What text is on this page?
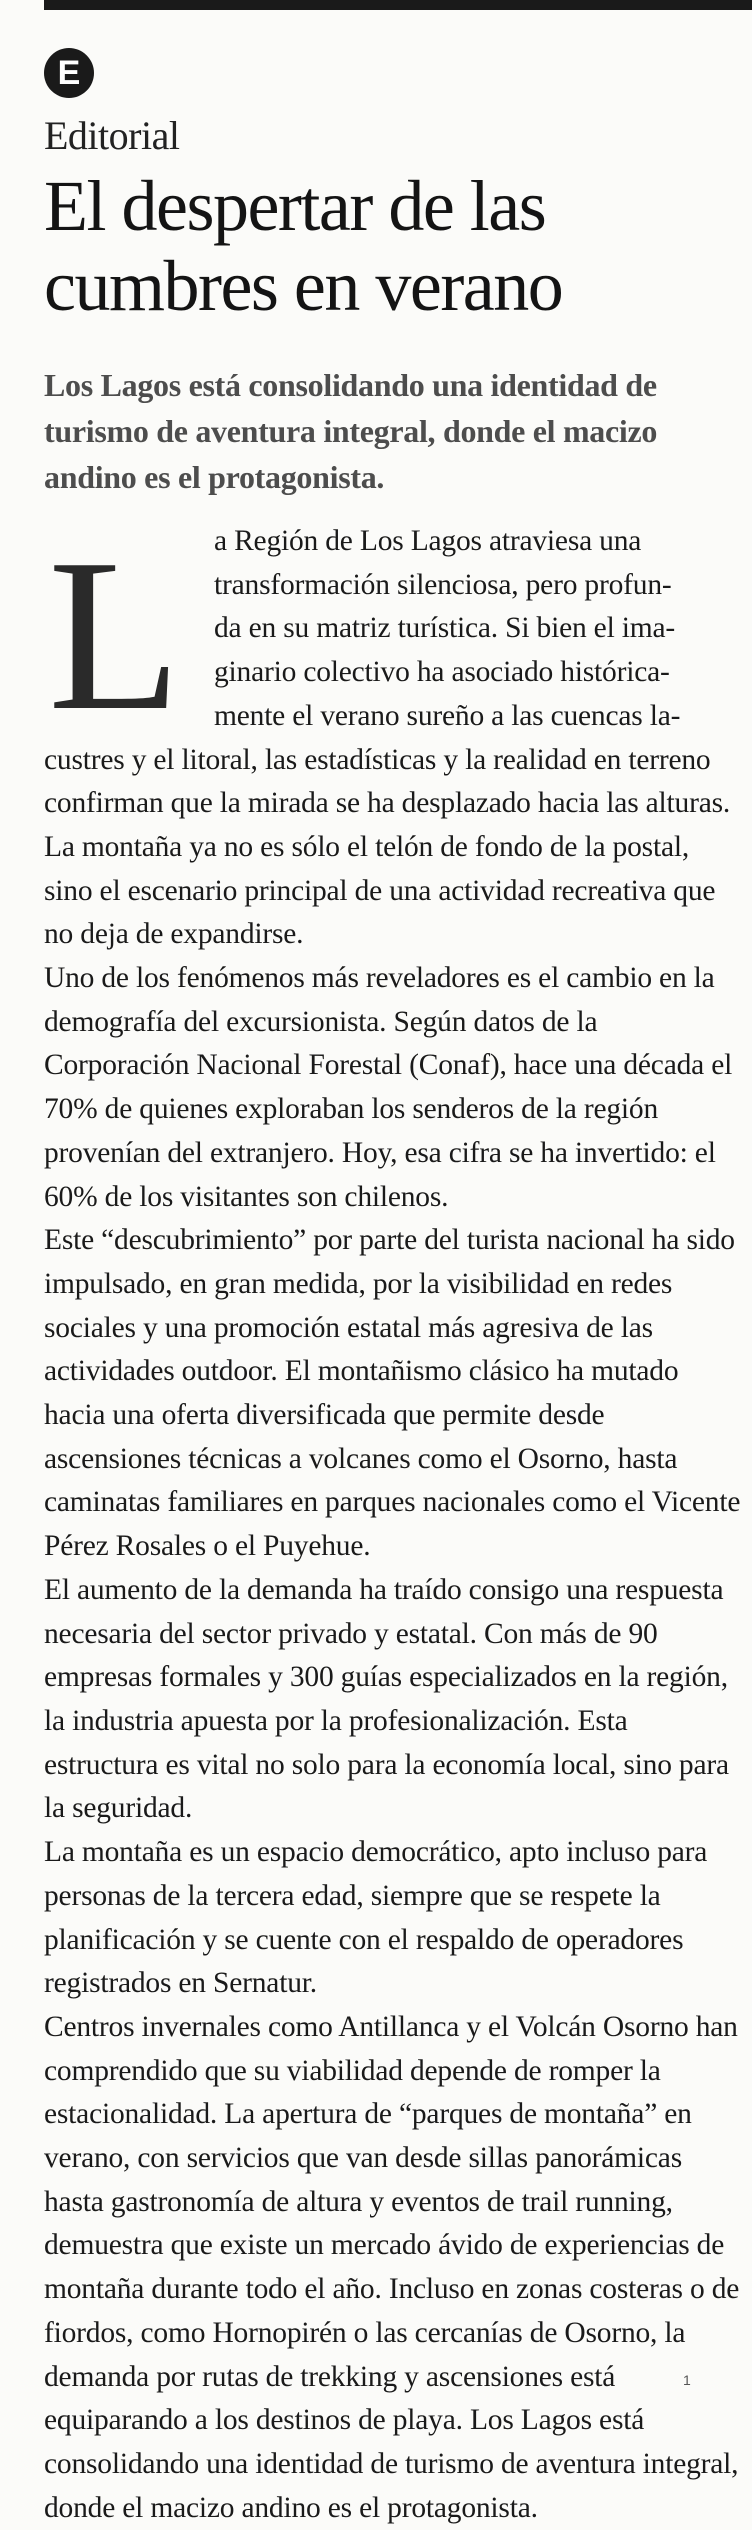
E
Editorial
El despertar de las cumbres en verano

Los Lagos está consolidando una identidad de turismo de aventura integral, donde el macizo andino es el protagonista.

L a Región de Los Lagos atraviesa una
transformación silenciosa, pero profun-
da en su matriz turística. Si bien el ima-
ginario colectivo ha asociado histórica-
mente el verano sureño a las cuencas la-

custres y el litoral, las estadísticas y la realidad en terreno confirman que la mirada se ha desplazado hacia las alturas. La montaña ya no es sólo el telón de fondo de la postal, sino el escenario principal de una actividad recreativa que no deja de expandirse.

Uno de los fenómenos más reveladores es el cambio en la demografía del excursionista. Según datos de la Corporación Nacional Forestal (Conaf), hace una década el 70% de quienes exploraban los senderos de la región provenían del extranjero. Hoy, esa cifra se ha invertido: el 60% de los visitantes son chilenos.

Este “descubrimiento” por parte del turista nacional ha sido impulsado, en gran medida, por la visibilidad en redes sociales y una promoción estatal más agresiva de las actividades outdoor. El montañismo clásico ha mutado hacia una oferta diversificada que permite desde ascensiones técnicas a volcanes como el Osorno, hasta caminatas familiares en parques nacionales como el Vicente Pérez Rosales o el Puyehue.

El aumento de la demanda ha traído consigo una respuesta necesaria del sector privado y estatal. Con más de 90 empresas formales y 300 guías especializados en la región, la industria apuesta por la profesionalización. Esta estructura es vital no solo para la economía local, sino para la seguridad.

La montaña es un espacio democrático, apto incluso para personas de la tercera edad, siempre que se respete la planificación y se cuente con el respaldo de operadores registrados en Sernatur.

Centros invernales como Antillanca y el Volcán Osorno han comprendido que su viabilidad depende de romper la estacionalidad. La apertura de “parques de montaña” en verano, con servicios que van desde sillas panorámicas hasta gastronomía de altura y eventos de trail running, demuestra que existe un mercado ávido de experiencias de montaña durante todo el año. Incluso en zonas costeras o de fiordos, como Hornopirén o las cercanías de Osorno, la demanda por rutas de trekking y ascensiones está equiparando a los destinos de playa. Los Lagos está consolidando una identidad de turismo de aventura integral, donde el macizo andino es el protagonista.

1
